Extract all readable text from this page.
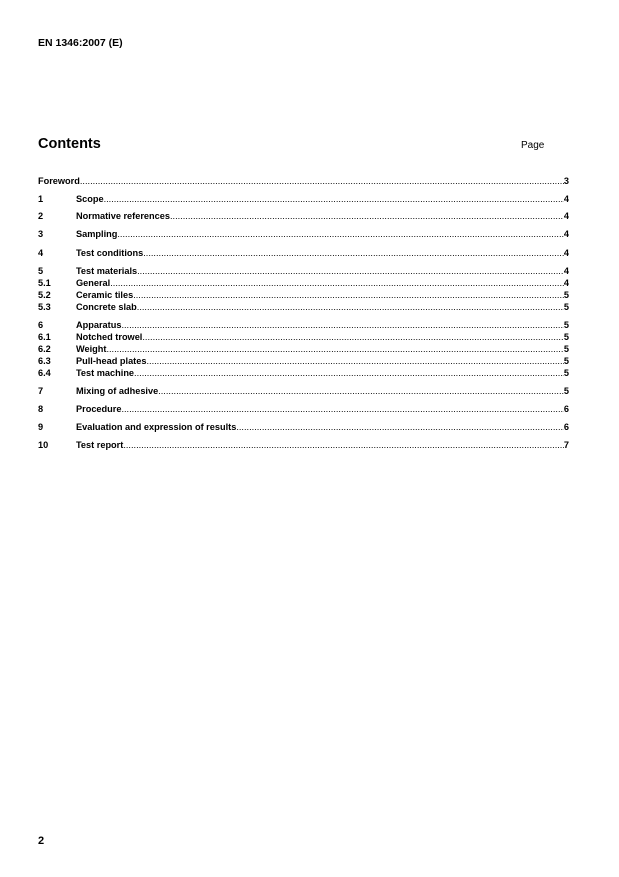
EN 1346:2007 (E)
Contents	Page
Foreword .....	3
1	Scope .....	4
2	Normative references .....	4
3	Sampling .....	4
4	Test conditions .....	4
5	Test materials .....	4
5.1	General .....	4
5.2	Ceramic tiles .....	5
5.3	Concrete slab .....	5
6	Apparatus .....	5
6.1	Notched trowel .....	5
6.2	Weight .....	5
6.3	Pull-head plates .....	5
6.4	Test machine .....	5
7	Mixing of adhesive .....	5
8	Procedure .....	6
9	Evaluation and expression of results .....	6
10	Test report .....	7
2
